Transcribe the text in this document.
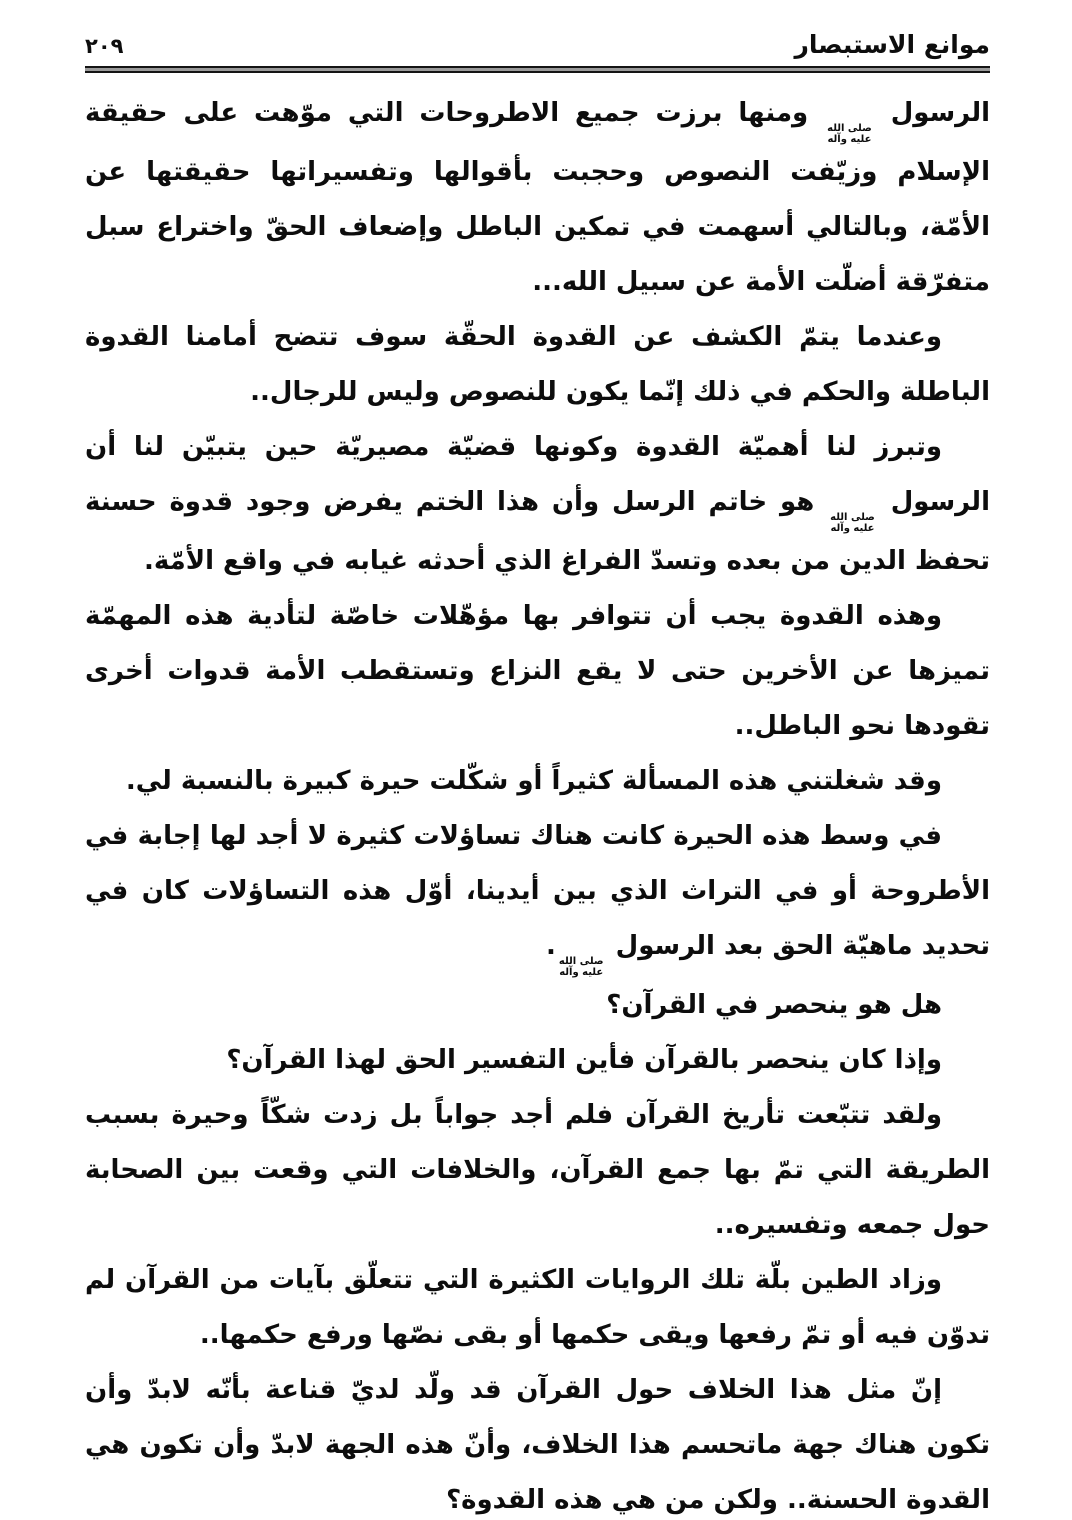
موانع الاستبصار
٢٠٩

الرسول
صلى الله
عليه وآله
ومنها برزت جميع الاطروحات التي موّهت على حقيقة الإسلام وزيّفت النصوص وحجبت بأقوالها وتفسيراتها حقيقتها عن الأمّة، وبالتالي أسهمت في تمكين الباطل وإضعاف الحقّ واختراع سبل متفرّقة أضلّت الأمة عن سبيل الله...

وعندما يتمّ الكشف عن القدوة الحقّة سوف تتضح أمامنا القدوة الباطلة والحكم في ذلك إنّما يكون للنصوص وليس للرجال..

وتبرز لنا أهميّة القدوة وكونها قضيّة مصيريّة حين يتبيّن لنا أن الرسول
صلى الله
عليه وآله
هو خاتم الرسل وأن هذا الختم يفرض وجود قدوة حسنة تحفظ الدين من بعده وتسدّ الفراغ الذي أحدثه غيابه في واقع الأمّة.

وهذه القدوة يجب أن تتوافر بها مؤهّلات خاصّة لتأدية هذه المهمّة تميزها عن الأخرين حتى لا يقع النزاع وتستقطب الأمة قدوات أخرى تقودها نحو الباطل..

وقد شغلتني هذه المسألة كثيراً أو شكّلت حيرة كبيرة بالنسبة لي.

في وسط هذه الحيرة كانت هناك تساؤلات كثيرة لا أجد لها إجابة في الأطروحة أو في التراث الذي بين أيدينا، أوّل هذه التساؤلات كان في تحديد ماهيّة الحق بعد الرسول
صلى الله
عليه وآله
.

هل هو ينحصر في القرآن؟

وإذا كان ينحصر بالقرآن فأين التفسير الحق لهذا القرآن؟

ولقد تتبّعت تأريخ القرآن فلم أجد جواباً بل زدت شكّاً وحيرة بسبب الطريقة التي تمّ بها جمع القرآن، والخلافات التي وقعت بين الصحابة حول جمعه وتفسيره..

وزاد الطين بلّة تلك الروايات الكثيرة التي تتعلّق بآيات من القرآن لم تدوّن فيه أو تمّ رفعها ويقى حكمها أو بقى نصّها ورفع حكمها..

إنّ مثل هذا الخلاف حول القرآن قد ولّد لديّ قناعة بأنّه لابدّ وأن تكون هناك جهة ماتحسم هذا الخلاف، وأنّ هذه الجهة لابدّ وأن تكون هي القدوة الحسنة.. ولكن من هي هذه القدوة؟
